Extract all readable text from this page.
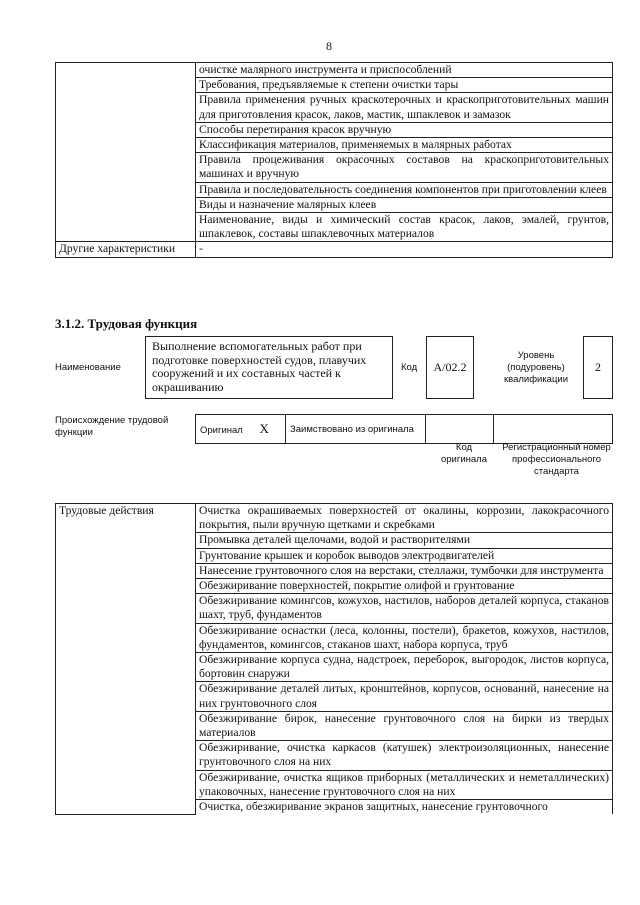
8
	очистке малярного инструмента и приспособлений
	Требования, предъявляемые к степени очистки тары
	Правила применения ручных краскотерочных и краскоприготовительных машин для приготовления красок, лаков, мастик, шпаклевок и замазок
	Способы перетирания красок вручную
	Классификация материалов, применяемых в малярных работах
	Правила процеживания окрасочных составов на краскоприготовительных машинах и вручную
	Правила и последовательность соединения компонентов при приготовлении клеев
	Виды и назначение малярных клеев
	Наименование, виды и химический состав красок, лаков, эмалей, грунтов, шпаклевок, составы шпаклевочных материалов
Другие характеристики	-
3.1.2. Трудовая функция
Наименование
Выполнение вспомогательных работ при подготовке поверхностей судов, плавучих сооружений и их составных частей к окрашиванию
Код А/02.2
Уровень (подуровень) квалификации
2
Происхождение трудовой функции	Оригинал X	Заимствовано из оригинала		
Код оригинала
Регистрационный номер профессионального стандарта
Трудовые действия	Очистка окрашиваемых поверхностей от окалины, коррозии, лакокрасочного покрытия, пыли вручную щетками и скребками
Промывка деталей щелочами, водой и растворителями
Грунтование крышек и коробок выводов электродвигателей
Нанесение грунтовочного слоя на верстаки, стеллажи, тумбочки для инструмента
Обезжиривание поверхностей, покрытие олифой и грунтование
Обезжиривание комингсов, кожухов, настилов, наборов деталей корпуса, стаканов шахт, труб, фундаментов
Обезжиривание оснастки (леса, колонны, постели), бракетов, кожухов, настилов, фундаментов, комингсов, стаканов шахт, набора корпуса, труб
Обезжиривание корпуса судна, надстроек, переборок, выгородок, листов корпуса, бортовин снаружи
Обезжиривание деталей литых, кронштейнов, корпусов, оснований, нанесение на них грунтовочного слоя
Обезжиривание бирок, нанесение грунтовочного слоя на бирки из твердых материалов
Обезжиривание, очистка каркасов (катушек) электроизоляционных, нанесение грунтовочного слоя на них
Обезжиривание, очистка ящиков приборных (металлических и неметаллических) упаковочных, нанесение грунтовочного слоя на них
Очистка, обезжиривание экранов защитных, нанесение грунтовочного
